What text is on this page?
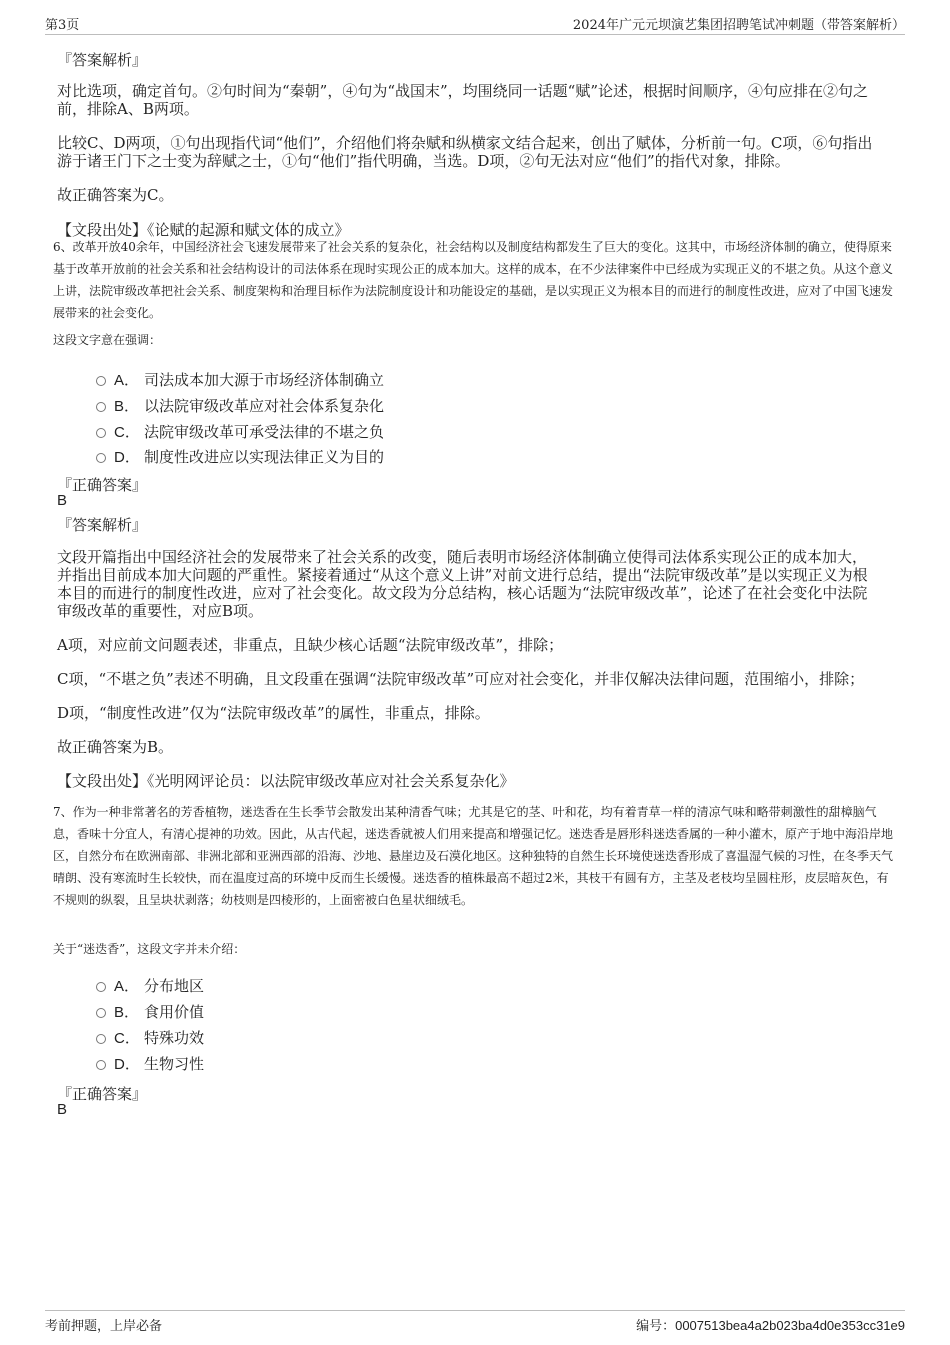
第3页	2024年广元元坝演艺集团招聘笔试冲刺题（带答案解析）
『答案解析』
对比选项，确定首句。②句时间为“秦朝”，④句为“战国末”，均围绕同一话题“赋”论述，根据时间顺序，④句应排在②句之前，排除A、B两项。
比较C、D两项，①句出现指代词“他们”，介绍他们将杂赋和纵横家文结合起来，创出了赋体，分析前一句。C项，⑥句指出游于诸王门下之士变为辞赋之士，①句“他们”指代明确，当选。D项，②句无法对应“他们”的指代对象，排除。
故正确答案为C。
【文段出处】《论赋的起源和赋文体的成立》
6、改革开放40余年，中国经济社会飞速发展带来了社会关系的复杂化，社会结构以及制度结构都发生了巨大的变化。这其中，市场经济体制的确立，使得原来基于改革开放前的社会关系和社会结构设计的司法体系在现时实现公正的成本加大。这样的成本，在不少法律案件中已经成为实现正义的不堪之负。从这个意义上讲，法院审级改革把社会关系、制度架构和治理目标作为法院制度设计和功能设定的基础，是以实现正义为根本目的而进行的制度性改进，应对了中国飞速发展带来的社会变化。
这段文字意在强调：
A． 司法成本加大源于市场经济体制确立
B． 以法院审级改革应对社会体系复杂化
C． 法院审级改革可承受法律的不堪之负
D． 制度性改进应以实现法律正义为目的
『正确答案』
B
『答案解析』
文段开篇指出中国经济社会的发展带来了社会关系的改变，随后表明市场经济体制确立使得司法体系实现公正的成本加大，并指出目前成本加大问题的严重性。紧接着通过“从这个意义上讲”对前文进行总结，提出“法院审级改革”是以实现正义为根本目的而进行的制度性改进，应对了社会变化。故文段为分总结构，核心话题为“法院审级改革”，论述了在社会变化中法院审级改革的重要性，对应B项。
A项，对应前文问题表述，非重点，且缺少核心话题“法院审级改革”，排除；
C项，“不堪之负”表述不明确，且文段重在强调“法院审级改革”可应对社会变化，并非仅解决法律问题，范围缩小，排除；
D项，“制度性改进”仅为“法院审级改革”的属性，非重点，排除。
故正确答案为B。
【文段出处】《光明网评论员：以法院审级改革应对社会关系复杂化》
7、作为一种非常著名的芳香植物，迷迭香在生长季节会散发出某种清香气味；尤其是它的茎、叶和花，均有着青草一样的清凉气味和略带刺激性的甜樟脑气息，香味十分宜人，有清心提神的功效。因此，从古代起，迷迭香就被人们用来提高和增强记忆。迷迭香是唇形科迷迭香属的一种小灌木，原产于地中海沿岸地区，自然分布在欧洲南部、非洲北部和亚洲西部的沿海、沙地、悬崖边及石漠化地区。这种独特的自然生长环境使迷迭香形成了喜温湿气候的习性，在冬季天气晴朗、没有寒流时生长较快，而在温度过高的环境中反而生长缓慢。迷迭香的植株最高不超过2米，其枝干有圆有方，主茎及老枝均呈圆柱形，皮层暗灰色，有不规则的纵裂，且呈块状剥落；幼枝则是四棱形的，上面密被白色星状细绒毛。
关于“迷迭香”，这段文字并未介绍：
A． 分布地区
B． 食用价值
C． 特殊功效
D． 生物习性
『正确答案』
B
考前押题，上岸必备	编号：0007513bea4a2b023ba4d0e353cc31e9
